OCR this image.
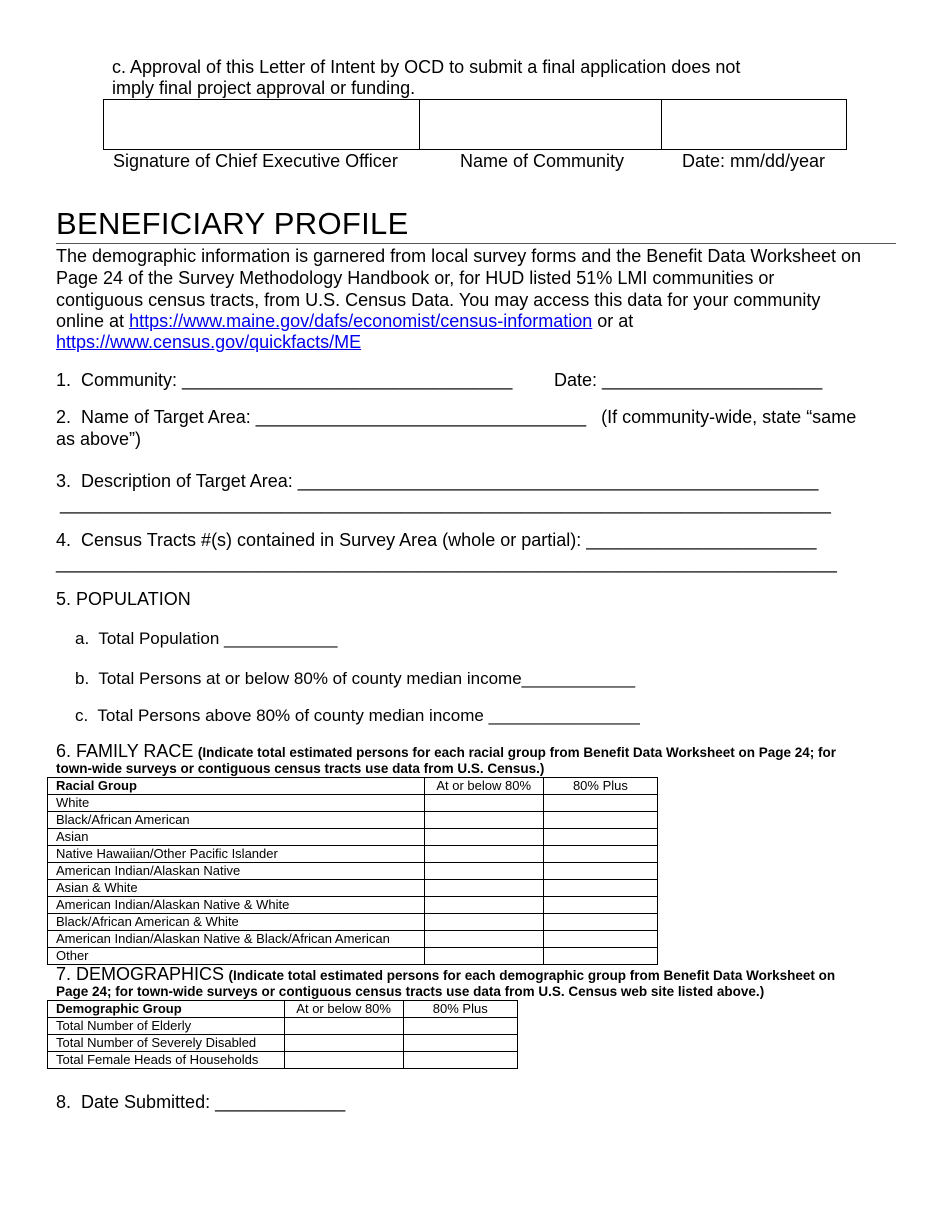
c. Approval of this Letter of Intent by OCD to submit a final application does not
imply final project approval or funding.
Signature of Chief Executive Officer	Name of Community	Date: mm/dd/year
BENEFICIARY PROFILE
The demographic information is garnered from local survey forms and the Benefit Data Worksheet on
Page 24 of the Survey Methodology Handbook or, for HUD listed 51% LMI communities or
contiguous census tracts, from U.S. Census Data. You may access this data for your community
online at https://www.maine.gov/dafs/economist/census-information or at
https://www.census.gov/quickfacts/ME
1.  Community: _________________________________ Date: ______________________
2.  Name of Target Area: _________________________________   (If community-wide, state “same
as above”)
3.  Description of Target Area: ____________________________________________________
_____________________________________________________________________________
4.  Census Tracts #(s) contained in Survey Area (whole or partial): _______________________
______________________________________________________________________________
5. POPULATION
a.  Total Population ____________
b.  Total Persons at or below 80% of county median income____________
c.  Total Persons above 80% of county median income ________________
6. FAMILY RACE (Indicate total estimated persons for each racial group from Benefit Data Worksheet on Page 24; for
town-wide surveys or contiguous census tracts use data from U.S. Census.)
Racial Group	At or below 80%	80% Plus
White		
Black/African American		
Asian		
Native Hawaiian/Other Pacific Islander		
American Indian/Alaskan Native		
Asian & White		
American Indian/Alaskan Native & White		
Black/African American & White		
American Indian/Alaskan Native & Black/African American		
Other		
7. DEMOGRAPHICS (Indicate total estimated persons for each demographic group from Benefit Data Worksheet on
Page 24; for town-wide surveys or contiguous census tracts use data from U.S. Census web site listed above.)
Demographic Group	At or below 80%	80% Plus
Total Number of Elderly		
Total Number of Severely Disabled		
Total Female Heads of Households		
8.  Date Submitted: _____________
